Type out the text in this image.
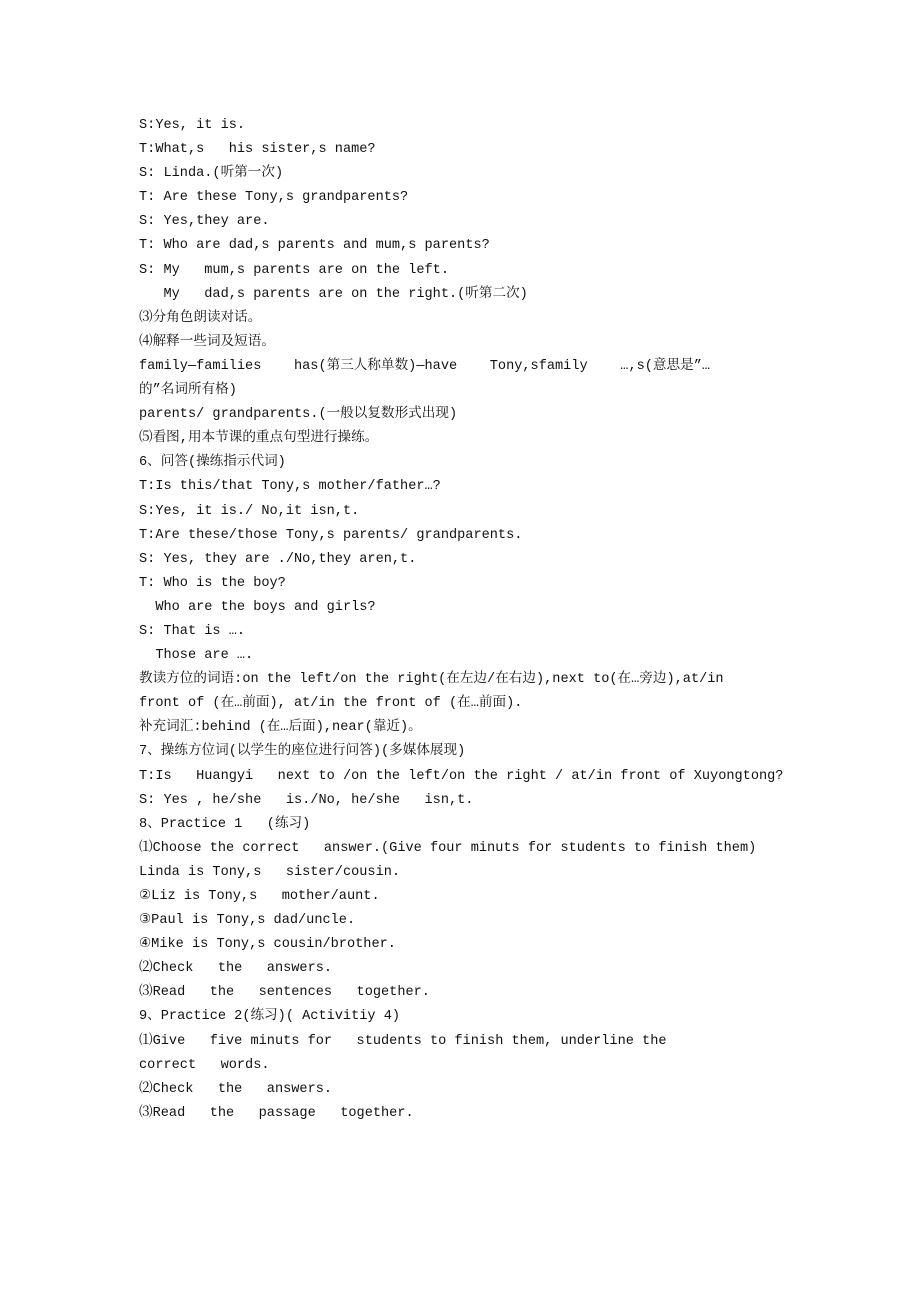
S:Yes, it is.
T:What,s   his sister,s name?
S: Linda.(听第一次)
T: Are these Tony,s grandparents?
S: Yes,they are.
T: Who are dad,s parents and mum,s parents?
S: My   mum,s parents are on the left.
My   dad,s parents are on the right.(听第二次)
⑶分角色朗读对话。
⑷解释一些词及短语。
family—families    has(第三人称单数)—have    Tony,sfamily    …,s(意思是”…
的”名词所有格)
parents/ grandparents.(一般以复数形式出现)
⑸看图,用本节课的重点句型进行操练。
6、问答(操练指示代词)
T:Is this/that Tony,s mother/father…?
S:Yes, it is./ No,it isn,t.
T:Are these/those Tony,s parents/ grandparents.
S: Yes, they are ./No,they aren,t.
T: Who is the boy?
Who are the boys and girls?
S: That is ….
Those are ….
教读方位的词语:on the left/on the right(在左边/在右边),next to(在…旁边),at/in
front of (在…前面), at/in the front of (在…前面).
补充词汇:behind (在…后面),near(靠近)。
7、操练方位词(以学生的座位进行问答)(多媒体展现)
T:Is   Huangyi   next to /on the left/on the right / at/in front of Xuyongtong?
S: Yes , he/she   is./No, he/she   isn,t.
8、Practice 1   (练习)
⑴Choose the correct   answer.(Give four minuts for students to finish them)
Linda is Tony,s   sister/cousin.
②Liz is Tony,s   mother/aunt.
③Paul is Tony,s dad/uncle.
④Mike is Tony,s cousin/brother.
⑵Check   the   answers.
⑶Read   the   sentences   together.
9、Practice 2(练习)( Activitiy 4)
⑴Give   five minuts for   students to finish them, underline the
correct   words.
⑵Check   the   answers.
⑶Read   the   passage   together.
